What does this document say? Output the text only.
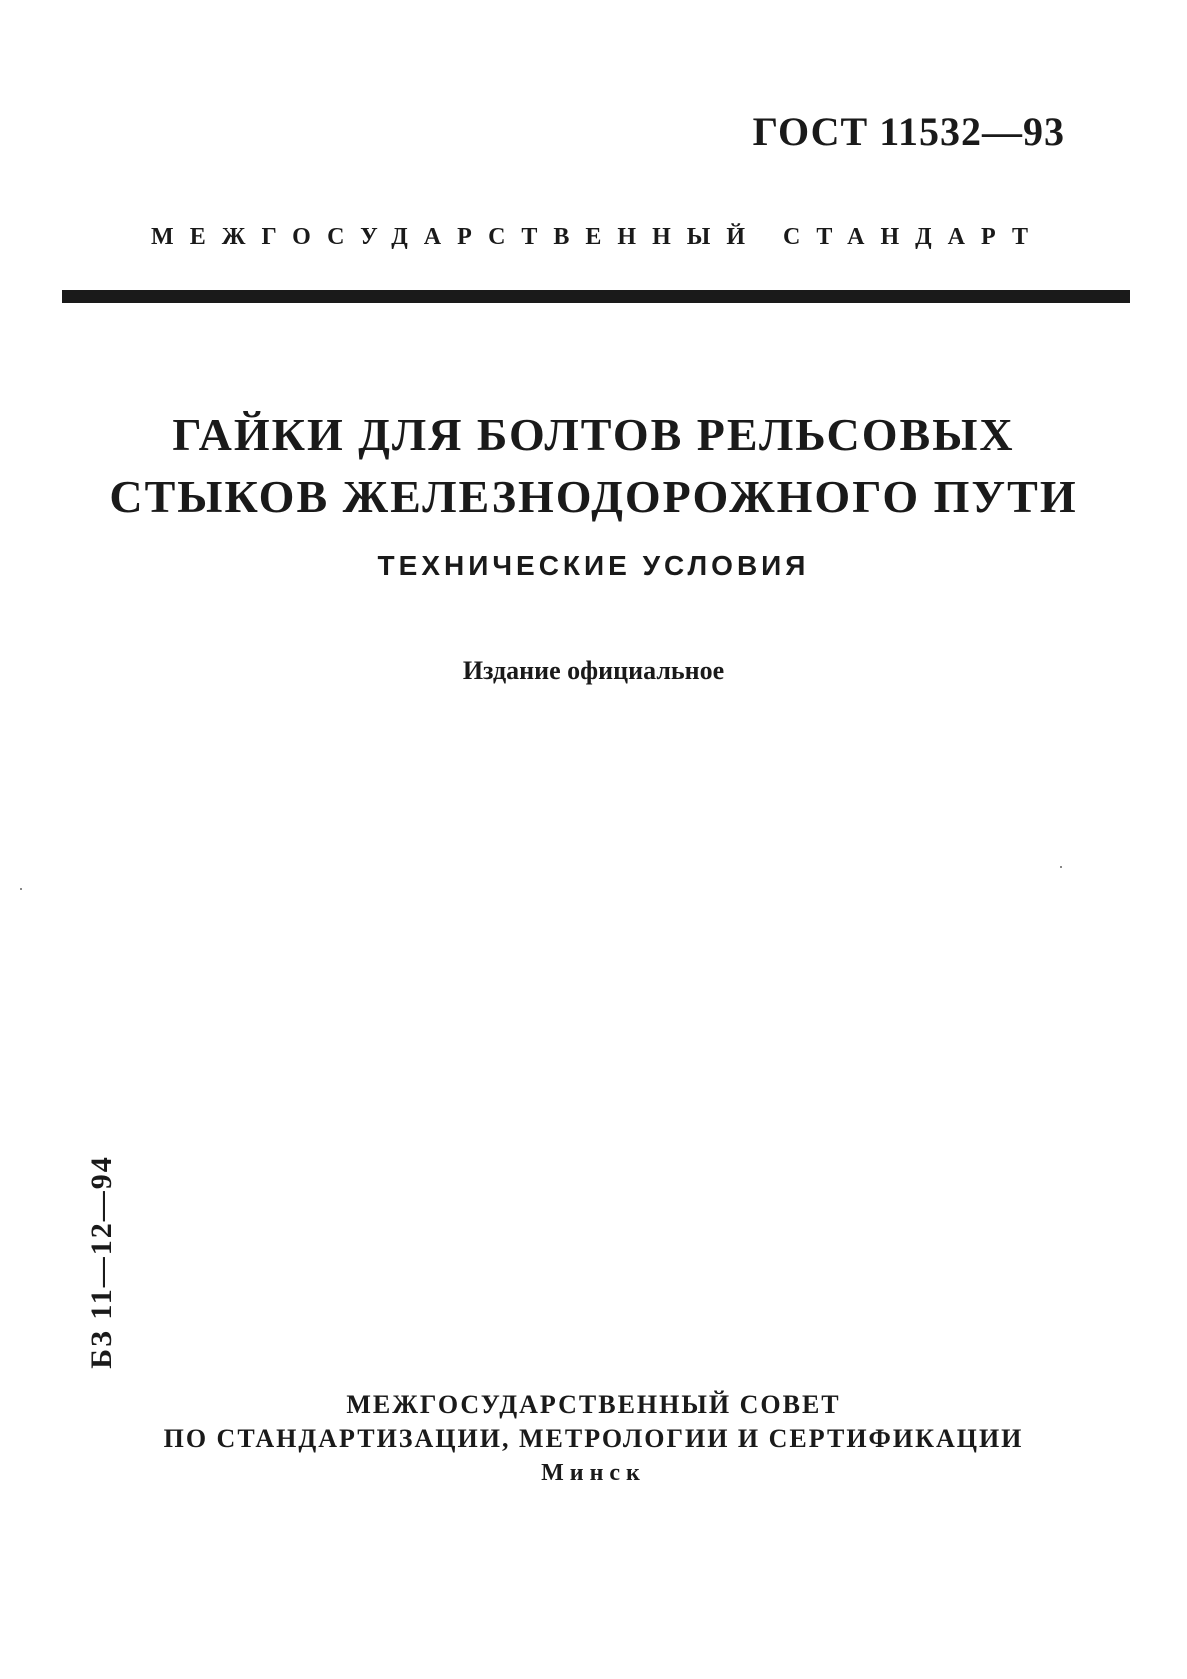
ГОСТ 11532—93
МЕЖГОСУДАРСТВЕННЫЙ СТАНДАРТ
ГАЙКИ ДЛЯ БОЛТОВ РЕЛЬСОВЫХ
СТЫКОВ ЖЕЛЕЗНОДОРОЖНОГО ПУТИ
ТЕХНИЧЕСКИЕ УСЛОВИЯ
Издание официальное
БЗ 11—12—94
МЕЖГОСУДАРСТВЕННЫЙ СОВЕТ
ПО СТАНДАРТИЗАЦИИ, МЕТРОЛОГИИ И СЕРТИФИКАЦИИ
Минск
